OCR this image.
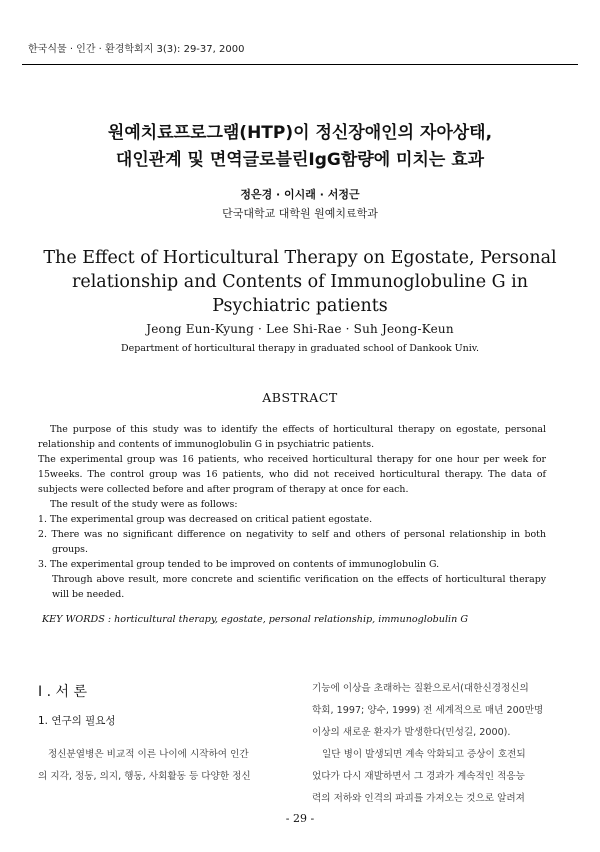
한국식물 · 인간 · 환경학회지 3(3): 29-37, 2000
원예치료프로그램(HTP)이 정신장애인의 자아상태,
대인관계 및 면역글로블린IgG함량에 미치는 효과
정은경 · 이시래 · 서정근
단국대학교 대학원 원예치료학과
The Effect of Horticultural Therapy on Egostate, Personal
relationship and Contents of Immunoglobuline G in
Psychiatric patients
Jeong Eun-Kyung · Lee Shi-Rae · Suh Jeong-Keun
Department of horticultural therapy in graduated school of Dankook Univ.
ABSTRACT

The purpose of this study was to identify the effects of horticultural therapy on egostate, personal relationship and contents of immunoglobulin G in psychiatric patients.

The experimental group was 16 patients, who received horticultural therapy for one hour per week for 15weeks. The control group was 16 patients, who did not received horticultural therapy. The data of subjects were collected before and after program of therapy at once for each.

The result of the study were as follows:

1. The experimental group was decreased on critical patient egostate.

2. There was no significant difference on negativity to self and others of personal relationship in both groups.

3. The experimental group tended to be improved on contents of immunoglobulin G.

Through above result, more concrete and scientific verification on the effects of horticultural therapy will be needed.

KEY WORDS : horticultural therapy, egostate, personal relationship, immunoglobulin G
I . 서 론
1. 연구의 필요성
정신분열병은 비교적 이른 나이에 시작하여 인간
의 지각, 정동, 의지, 행동, 사회활동 등 다양한 정신
기능에 이상을 초래하는 질환으로서(대한신경정신의
학회, 1997; 양수, 1999) 전 세계적으로 매년 200만명
이상의 새로운 환자가 발생한다(민성길, 2000).
일단 병이 발생되면 계속 악화되고 증상이 호전되
었다가 다시 재발하면서 그 경과가 계속적인 적응능
력의 저하와 인격의 파괴를 가져오는 것으로 알려져
- 29 -
